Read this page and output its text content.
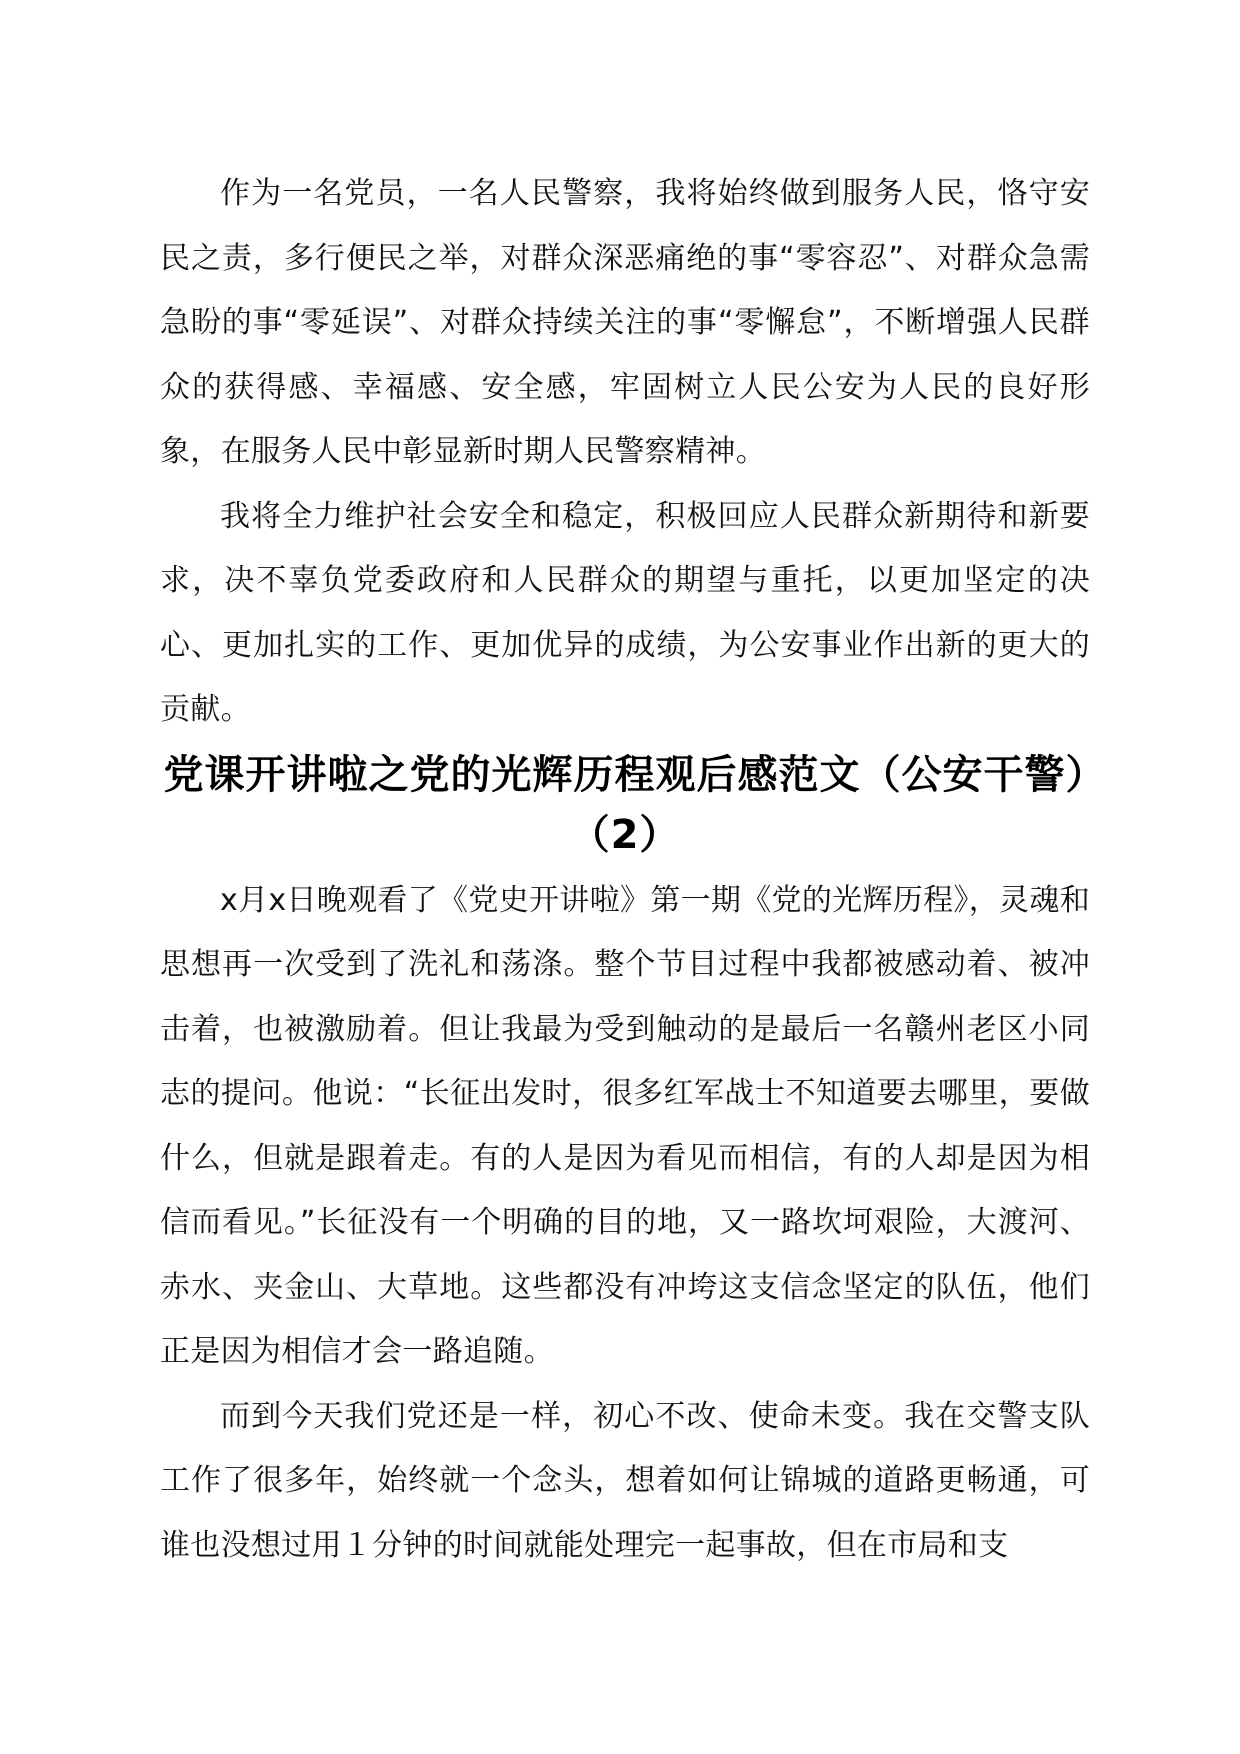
作为一名党员，一名人民警察，我将始终做到服务人民，恪守安民之责，多行便民之举，对群众深恶痛绝的事“零容忍”、对群众急需急盼的事“零延误”、对群众持续关注的事“零懈怠”，不断增强人民群众的获得感、幸福感、安全感，牢固树立人民公安为人民的良好形象，在服务人民中彰显新时期人民警察精神。

我将全力维护社会安全和稳定，积极回应人民群众新期待和新要求，决不辜负党委政府和人民群众的期望与重托，以更加坚定的决心、更加扎实的工作、更加优异的成绩，为公安事业作出新的更大的贡献。

党课开讲啦之党的光辉历程观后感范文（公安干警）（2）

x月x日晚观看了《党史开讲啦》第一期《党的光辉历程》，灵魂和思想再一次受到了洗礼和荡涤。整个节目过程中我都被感动着、被冲击着，也被激励着。但让我最为受到触动的是最后一名赣州老区小同志的提问。他说：“长征出发时，很多红军战士不知道要去哪里，要做什么，但就是跟着走。有的人是因为看见而相信，有的人却是因为相信而看见。”长征没有一个明确的目的地，又一路坎坷艰险，大渡河、赤水、夹金山、大草地。这些都没有冲垮这支信念坚定的队伍，他们正是因为相信才会一路追随。

而到今天我们党还是一样，初心不改、使命未变。我在交警支队工作了很多年，始终就一个念头，想着如何让锦城的道路更畅通，可谁也没想过用１分钟的时间就能处理完一起事故，但在市局和支
